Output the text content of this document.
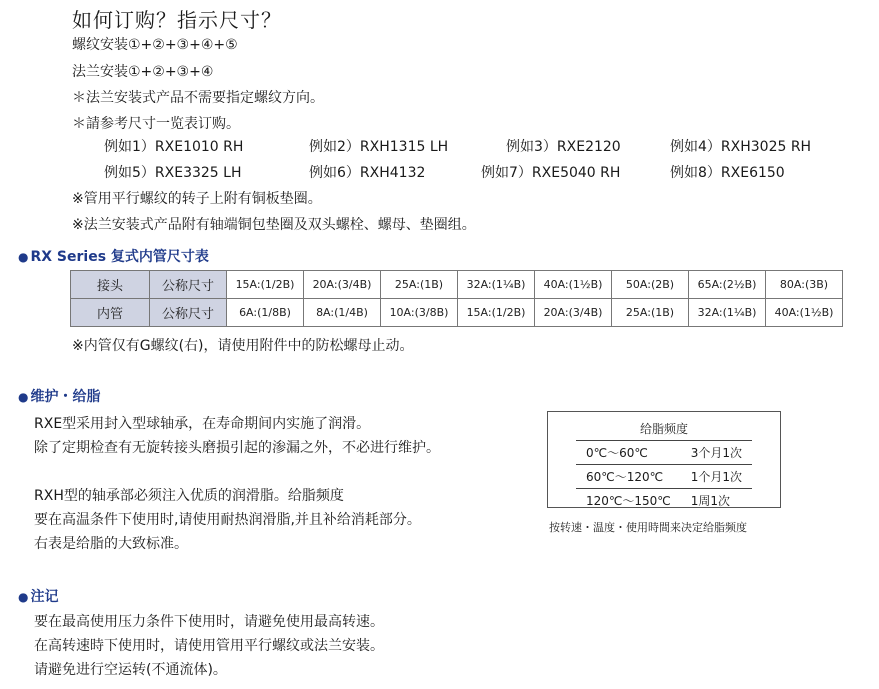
如何订购？指示尺寸？
螺纹安装①+②+③+④+⑤
法兰安装①+②+③+④
＊法兰安装式产品不需要指定螺纹方向。
＊請参考尺寸一览表订购。
例如1）RXE1010 RH	例如2）RXH1315 LH	例如3）RXE2120	例如4）RXH3025 RH
例如5）RXE3325 LH	例如6）RXH4132	例如7）RXE5040 RH	例如8）RXE6150
※管用平行螺纹的转子上附有铜板垫圈。
※法兰安装式产品附有轴端铜包垫圈及双头螺栓、螺母、垫圈组。
● RX Series 复式内管尺寸表
接头	公称尺寸	15A:(1/2B)	20A:(3/4B)	25A:(1B)	32A:(1¼B)	40A:(1½B)	50A:(2B)	65A:(2½B)	80A:(3B)
内管	公称尺寸	6A:(1/8B)	8A:(1/4B)	10A:(3/8B)	15A:(1/2B)	20A:(3/4B)	25A:(1B)	32A:(1¼B)	40A:(1½B)
※内管仅有G螺纹(右)，请使用附件中的防松螺母止动。
● 维护・给脂
RXE型采用封入型球轴承，在寿命期间内实施了润滑。
除了定期检查有无旋转接头磨损引起的渗漏之外，不必进行维护。
RXH型的轴承部必须注入优质的润滑脂。给脂频度
要在高温条件下使用时,请使用耐热润滑脂,并且补给消耗部分。
右表是给脂的大致标准。
给脂频度	
0℃～60℃	3个月1次
60℃～120℃	1个月1次
120℃～150℃	1周1次
按转速・温度・使用時間来决定给脂频度
● 注记
要在最高使用压力条件下使用时，请避免使用最高转速。
在高转速時下使用时，请使用管用平行螺纹或法兰安装。
请避免进行空运转(不通流体)。
